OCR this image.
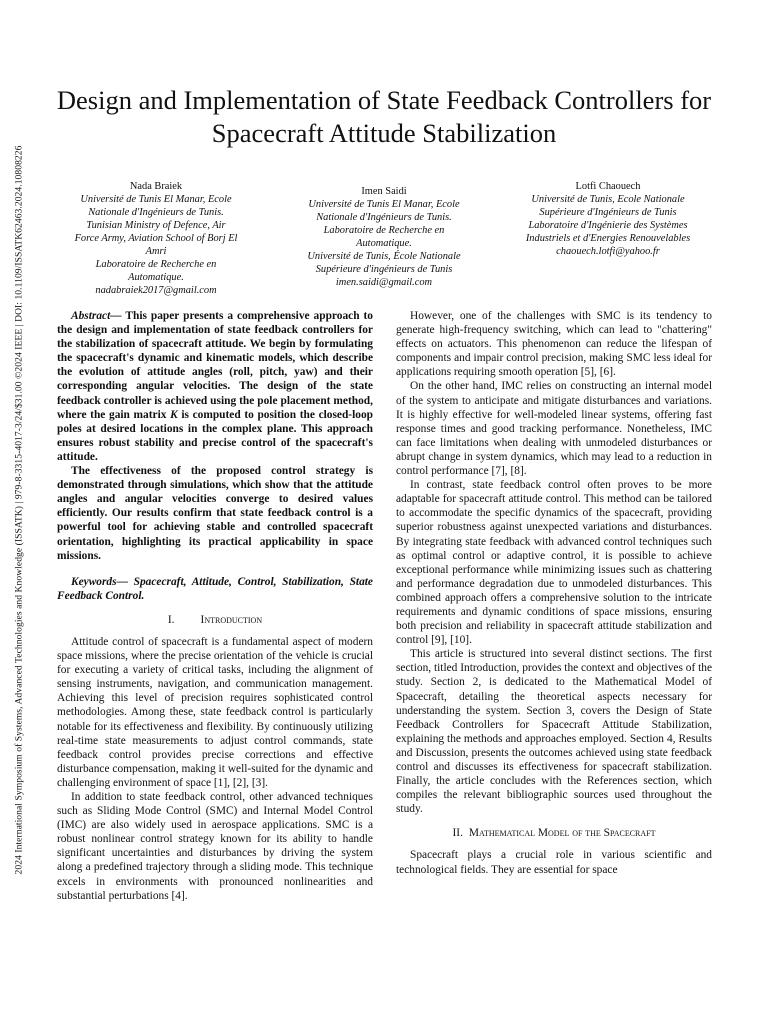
2024 International Symposium of Systems, Advanced Technologies and Knowledge (ISSATK) | 979-8-3315-4017-3/24/$31.00 ©2024 IEEE | DOI: 10.1109/ISSATK62463.2024.10808226
Design and Implementation of State Feedback Controllers for Spacecraft Attitude Stabilization
Nada Braiek
Université de Tunis El Manar, Ecole
Nationale d'Ingénieurs de Tunis.
Tunisian Ministry of Defence, Air
Force Army, Aviation School of Borj El
Amri
Laboratoire de Recherche en
Automatique.
nadabraiek2017@gmail.com
Imen Saidi
Université de Tunis El Manar, Ecole
Nationale d'Ingénieurs de Tunis.
Laboratoire de Recherche en
Automatique.
Université de Tunis, École Nationale
Supérieure d'ingénieurs de Tunis
imen.saidi@gmail.com
Lotfi Chaouech
Université de Tunis, Ecole Nationale
Supérieure d'Ingénieurs de Tunis
Laboratoire d'Ingénierie des Systèmes
Industriels et d'Energies Renouvelables
chaouech.lotfi@yahoo.fr

Abstract— This paper presents a comprehensive approach to the design and implementation of state feedback controllers for the stabilization of spacecraft attitude. We begin by formulating the spacecraft's dynamic and kinematic models, which describe the evolution of attitude angles (roll, pitch, yaw) and their corresponding angular velocities. The design of the state feedback controller is achieved using the pole placement method, where the gain matrix K is computed to position the closed-loop poles at desired locations in the complex plane. This approach ensures robust stability and precise control of the spacecraft's attitude.

The effectiveness of the proposed control strategy is demonstrated through simulations, which show that the attitude angles and angular velocities converge to desired values efficiently. Our results confirm that state feedback control is a powerful tool for achieving stable and controlled spacecraft orientation, highlighting its practical applicability in space missions.

Keywords— Spacecraft, Attitude, Control, Stabilization, State Feedback Control.

I. Introduction

Attitude control of spacecraft is a fundamental aspect of modern space missions, where the precise orientation of the vehicle is crucial for executing a variety of critical tasks, including the alignment of sensing instruments, navigation, and communication management. Achieving this level of precision requires sophisticated control methodologies. Among these, state feedback control is particularly notable for its effectiveness and flexibility. By continuously utilizing real-time state measurements to adjust control commands, state feedback control provides precise corrections and effective disturbance compensation, making it well-suited for the dynamic and challenging environment of space [1], [2], [3].

In addition to state feedback control, other advanced techniques such as Sliding Mode Control (SMC) and Internal Model Control (IMC) are also widely used in aerospace applications. SMC is a robust nonlinear control strategy known for its ability to handle significant uncertainties and disturbances by driving the system along a predefined trajectory through a sliding mode. This technique excels in environments with pronounced nonlinearities and substantial perturbations [4].

However, one of the challenges with SMC is its tendency to generate high-frequency switching, which can lead to "chattering" effects on actuators. This phenomenon can reduce the lifespan of components and impair control precision, making SMC less ideal for applications requiring smooth operation [5], [6].

On the other hand, IMC relies on constructing an internal model of the system to anticipate and mitigate disturbances and variations. It is highly effective for well-modeled linear systems, offering fast response times and good tracking performance. Nonetheless, IMC can face limitations when dealing with unmodeled disturbances or abrupt change in system dynamics, which may lead to a reduction in control performance [7], [8].

In contrast, state feedback control often proves to be more adaptable for spacecraft attitude control. This method can be tailored to accommodate the specific dynamics of the spacecraft, providing superior robustness against unexpected variations and disturbances. By integrating state feedback with advanced control techniques such as optimal control or adaptive control, it is possible to achieve exceptional performance while minimizing issues such as chattering and performance degradation due to unmodeled disturbances. This combined approach offers a comprehensive solution to the intricate requirements and dynamic conditions of space missions, ensuring both precision and reliability in spacecraft attitude stabilization and control [9], [10].

This article is structured into several distinct sections. The first section, titled Introduction, provides the context and objectives of the study. Section 2, is dedicated to the Mathematical Model of Spacecraft, detailing the theoretical aspects necessary for understanding the system. Section 3, covers the Design of State Feedback Controllers for Spacecraft Attitude Stabilization, explaining the methods and approaches employed. Section 4, Results and Discussion, presents the outcomes achieved using state feedback control and discusses its effectiveness for spacecraft stabilization. Finally, the article concludes with the References section, which compiles the relevant bibliographic sources used throughout the study.

II. Mathematical Model of the Spacecraft

Spacecraft plays a crucial role in various scientific and technological fields. They are essential for space
